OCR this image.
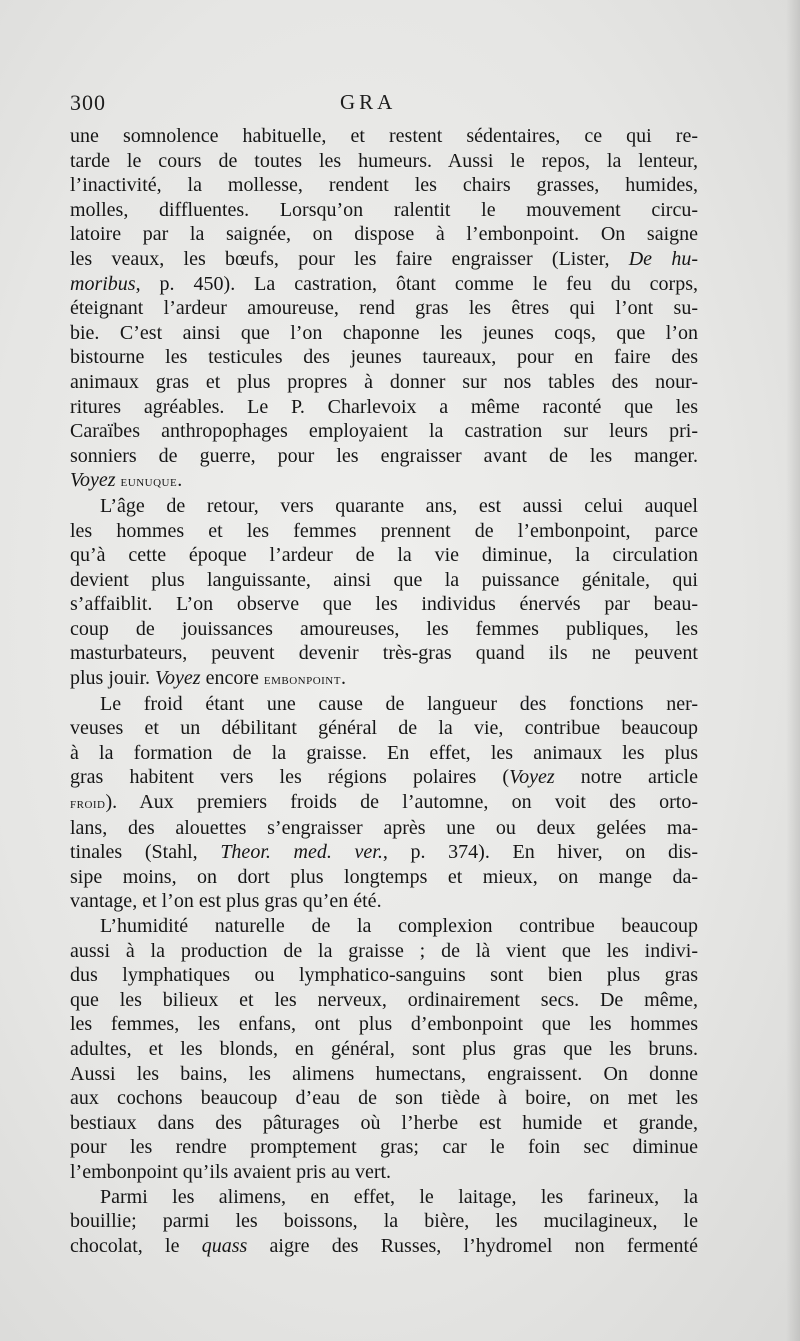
300	GRA
une somnolence habituelle, et restent sédentaires, ce qui re-
tarde le cours de toutes les humeurs. Aussi le repos, la lenteur,
l’inactivité, la mollesse, rendent les chairs grasses, humides,
molles, diffluentes. Lorsqu’on ralentit le mouvement circu-
latoire par la saignée, on dispose à l’embonpoint. On saigne
les veaux, les bœufs, pour les faire engraisser (Lister, De hu-
moribus, p. 450). La castration, ôtant comme le feu du corps,
éteignant l’ardeur amoureuse, rend gras les êtres qui l’ont su-
bie. C’est ainsi que l’on chaponne les jeunes coqs, que l’on
bistourne les testicules des jeunes taureaux, pour en faire des
animaux gras et plus propres à donner sur nos tables des nour-
ritures agréables. Le P. Charlevoix a même raconté que les
Caraïbes anthropophages employaient la castration sur leurs pri-
sonniers de guerre, pour les engraisser avant de les manger.
Voyez eunuque.
L’âge de retour, vers quarante ans, est aussi celui auquel
les hommes et les femmes prennent de l’embonpoint, parce
qu’à cette époque l’ardeur de la vie diminue, la circulation
devient plus languissante, ainsi que la puissance génitale, qui
s’affaiblit. L’on observe que les individus énervés par beau-
coup de jouissances amoureuses, les femmes publiques, les
masturbateurs, peuvent devenir très-gras quand ils ne peuvent
plus jouir. Voyez encore embonpoint.
Le froid étant une cause de langueur des fonctions ner-
veuses et un débilitant général de la vie, contribue beaucoup
à la formation de la graisse. En effet, les animaux les plus
gras habitent vers les régions polaires (Voyez notre article
froid). Aux premiers froids de l’automne, on voit des orto-
lans, des alouettes s’engraisser après une ou deux gelées ma-
tinales (Stahl, Theor. med. ver., p. 374). En hiver, on dis-
sipe moins, on dort plus longtemps et mieux, on mange da-
vantage, et l’on est plus gras qu’en été.
L’humidité naturelle de la complexion contribue beaucoup
aussi à la production de la graisse ; de là vient que les indivi-
dus lymphatiques ou lymphatico-sanguins sont bien plus gras
que les bilieux et les nerveux, ordinairement secs. De même,
les femmes, les enfans, ont plus d’embonpoint que les hommes
adultes, et les blonds, en général, sont plus gras que les bruns.
Aussi les bains, les alimens humectans, engraissent. On donne
aux cochons beaucoup d’eau de son tiède à boire, on met les
bestiaux dans des pâturages où l’herbe est humide et grande,
pour les rendre promptement gras; car le foin sec diminue
l’embonpoint qu’ils avaient pris au vert.
Parmi les alimens, en effet, le laitage, les farineux, la
bouillie; parmi les boissons, la bière, les mucilagineux, le
chocolat, le quass aigre des Russes, l’hydromel non fermenté
